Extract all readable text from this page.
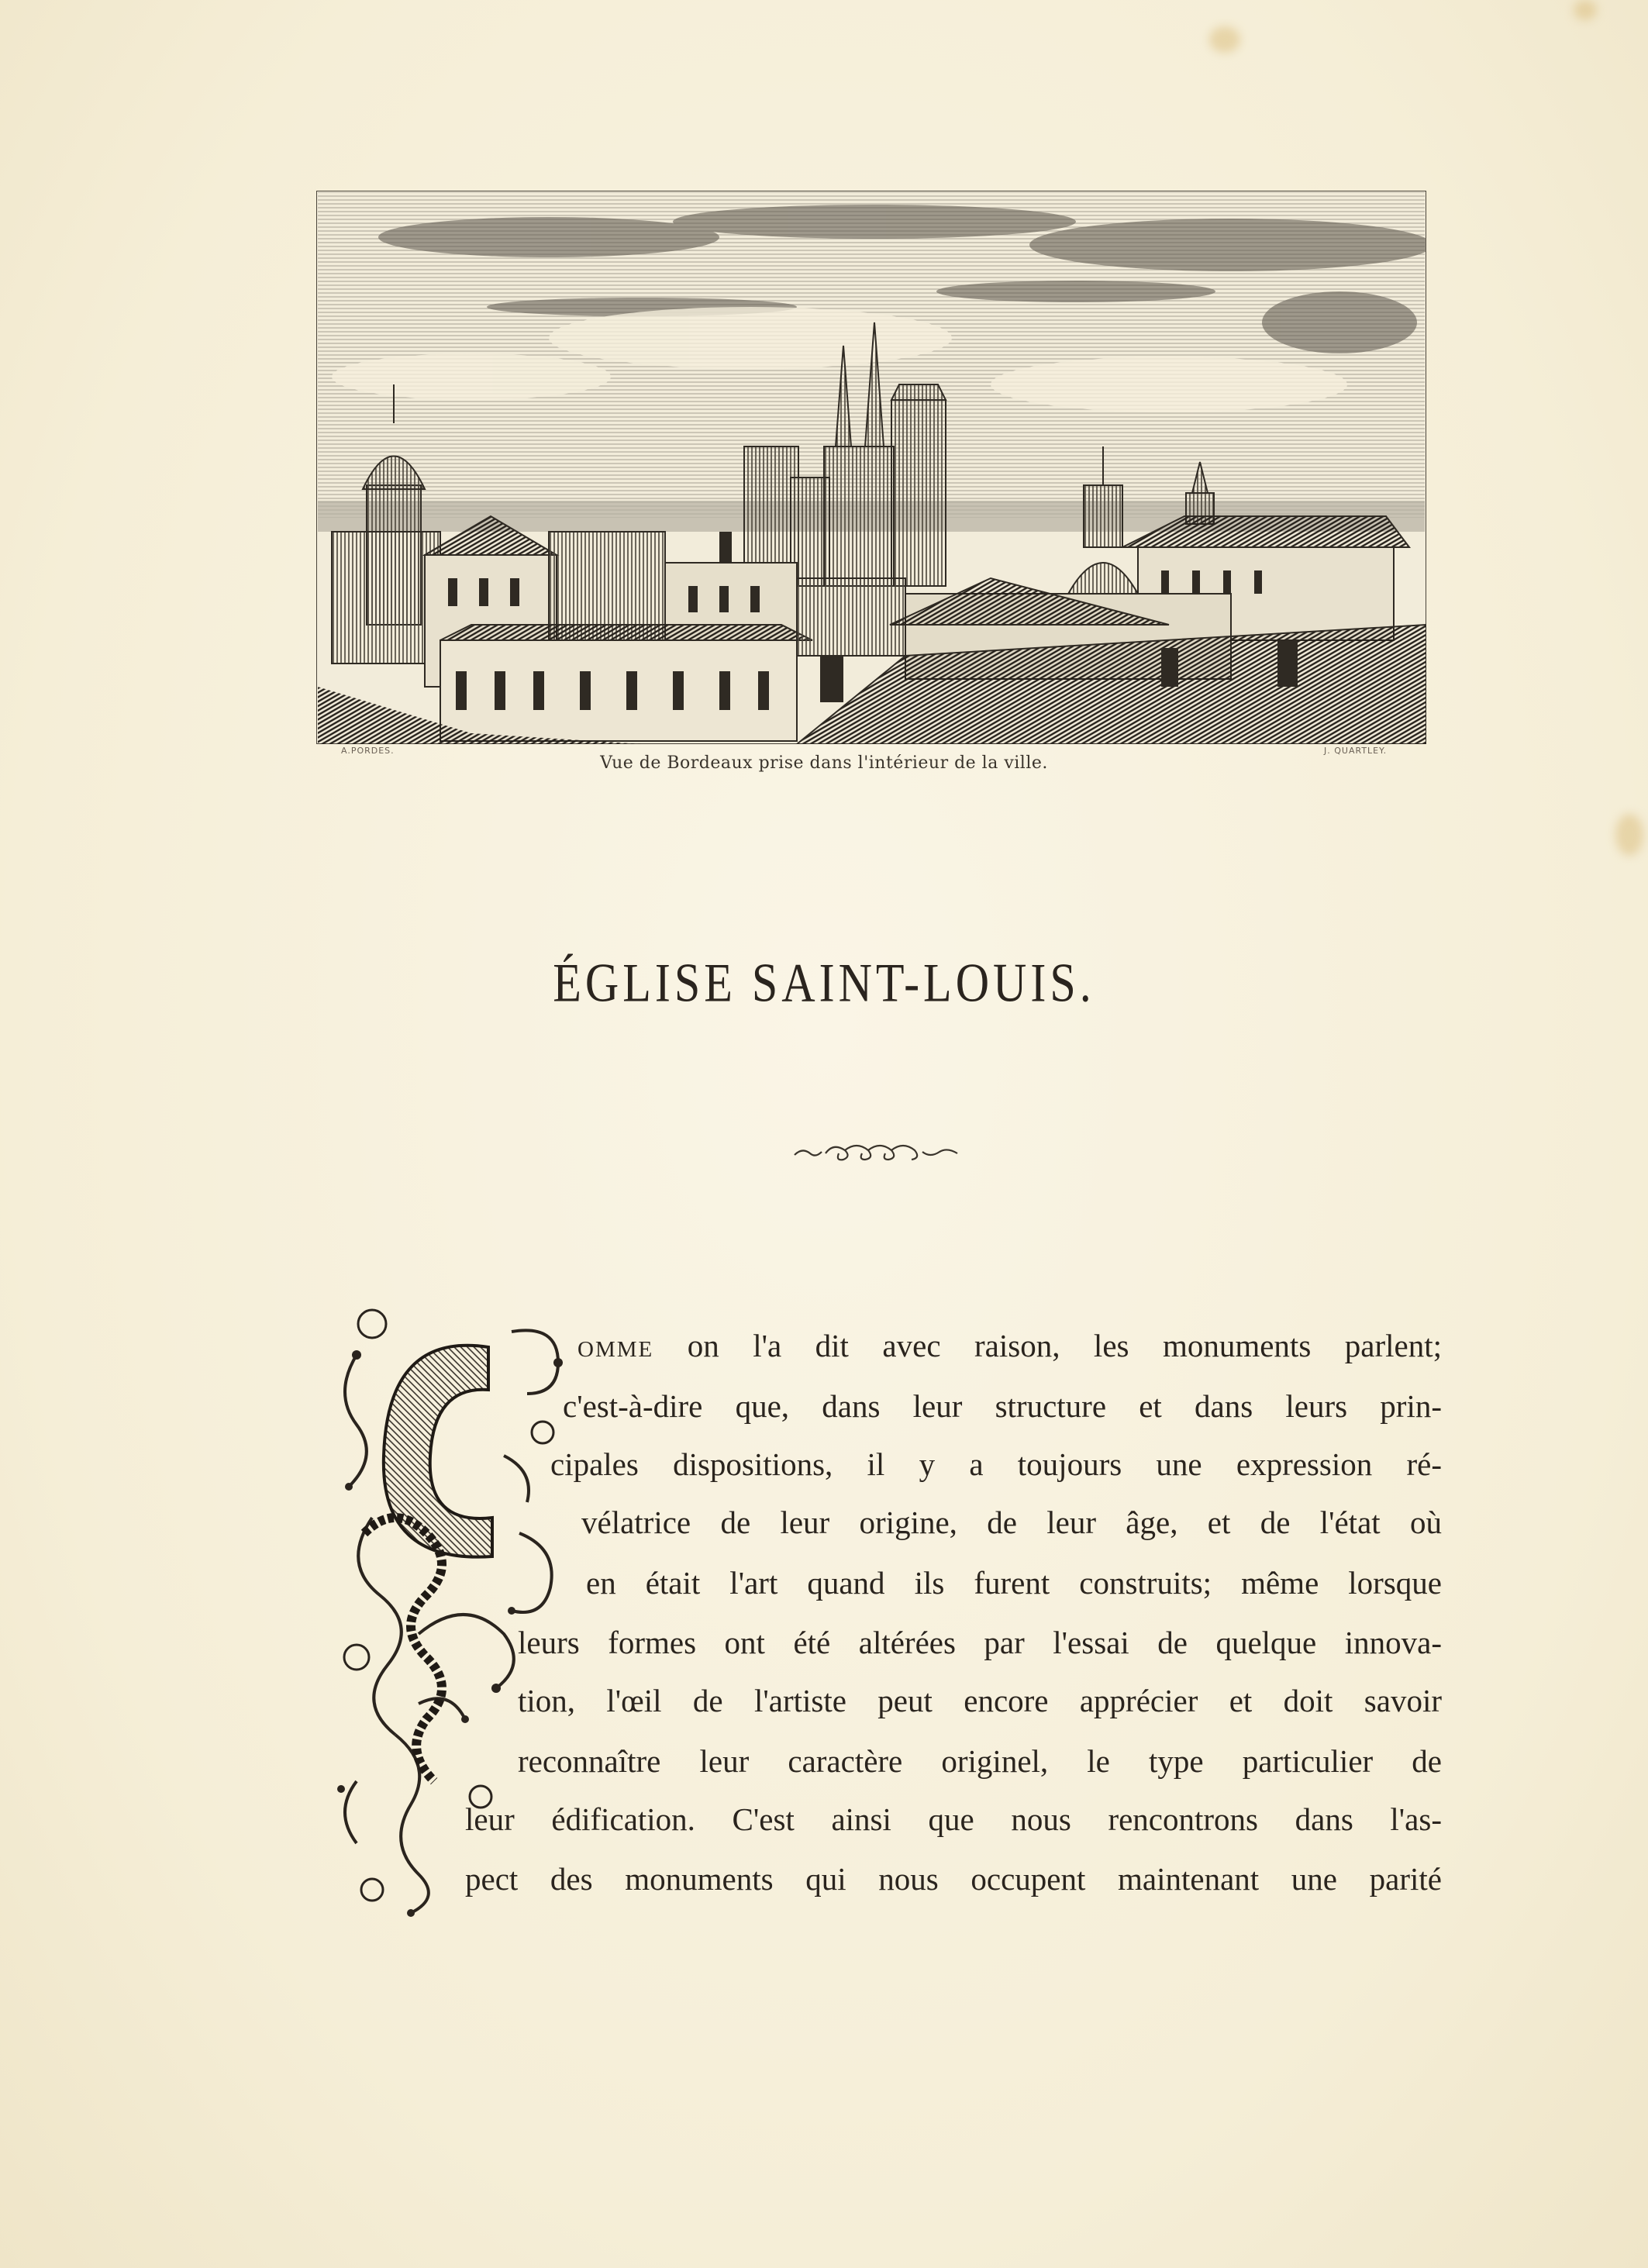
A.PORDES.	J. QUARTLEY.
Vue de Bordeaux prise dans l'intérieur de la ville.
ÉGLISE SAINT-LOUIS.
omme on l'a dit avec raison, les monuments parlent;
c'est-à-dire que, dans leur structure et dans leurs prin-
cipales dispositions, il y a toujours une expression ré-
vélatrice de leur origine, de leur âge, et de l'état où
en était l'art quand ils furent construits; même lorsque
leurs formes ont été altérées par l'essai de quelque innova-
tion, l'œil de l'artiste peut encore apprécier et doit savoir
reconnaître leur caractère originel, le type particulier de
leur édification. C'est ainsi que nous rencontrons dans l'as-
pect des monuments qui nous occupent maintenant une parité
